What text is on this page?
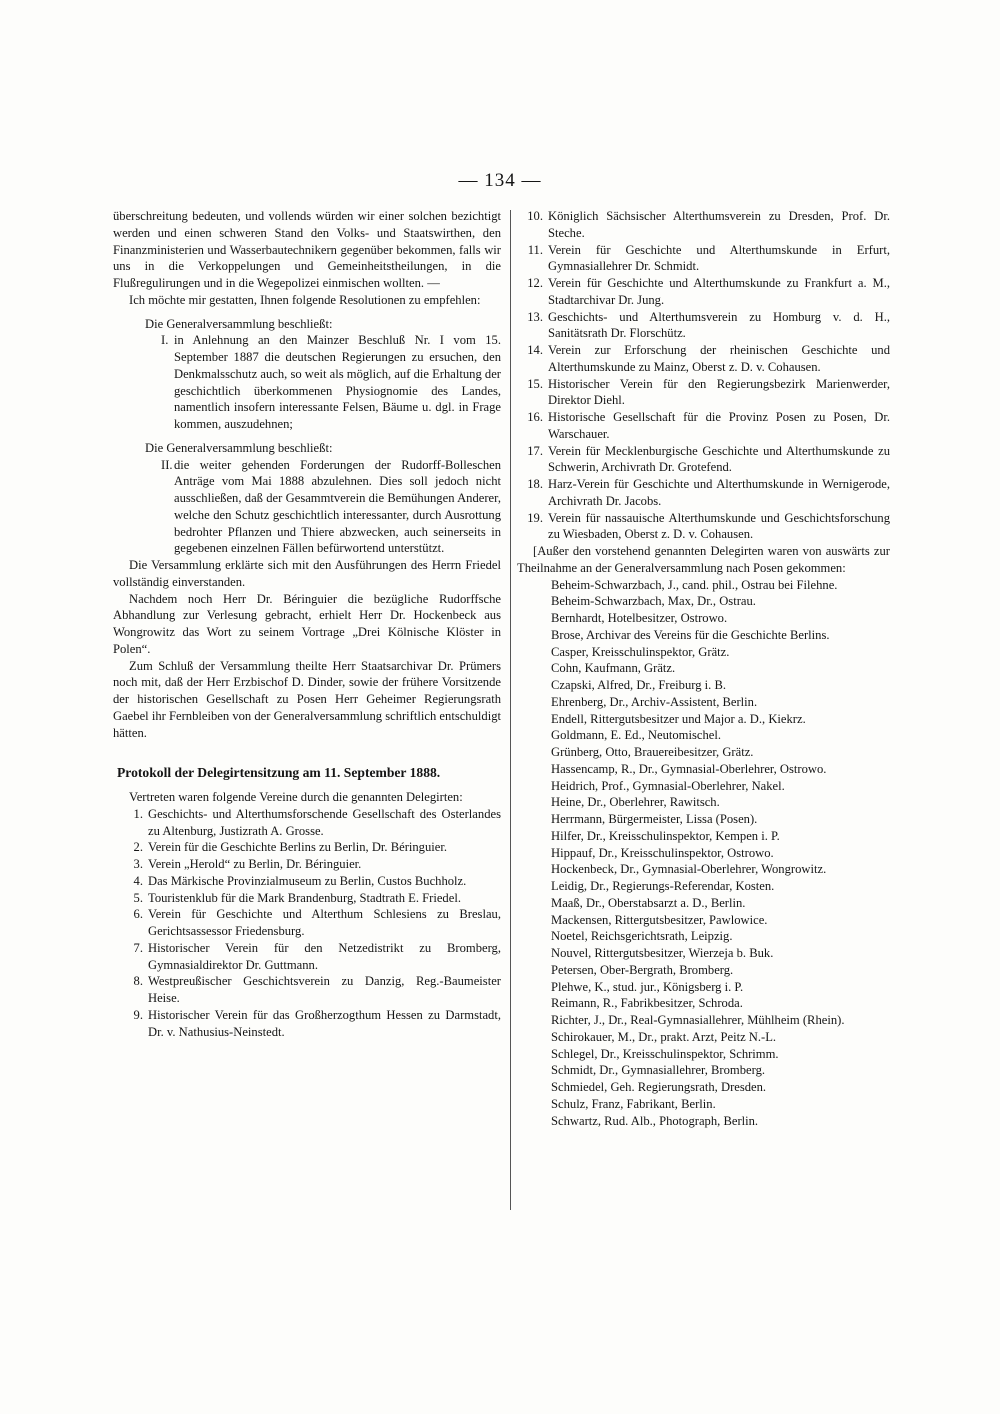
— 134 —

überschreitung bedeuten, und vollends würden wir einer solchen bezichtigt werden und einen schweren Stand den Volks- und Staatswirthen, den Finanzministerien und Wasserbautechnikern gegenüber bekommen, falls wir uns in die Verkoppelungen und Gemeinheitstheilungen, in die Flußregulirungen und in die Wegepolizei einmischen wollten. —

Ich möchte mir gestatten, Ihnen folgende Resolutionen zu empfehlen:

Die Generalversammlung beschließt:

I. in Anlehnung an den Mainzer Beschluß Nr. I vom 15. September 1887 die deutschen Regierungen zu ersuchen, den Denkmalsschutz auch, so weit als möglich, auf die Erhaltung der geschichtlich überkommenen Physiognomie des Landes, namentlich insofern interessante Felsen, Bäume u. dgl. in Frage kommen, auszudehnen;

Die Generalversammlung beschließt:

II. die weiter gehenden Forderungen der Rudorff-Bolleschen Anträge vom Mai 1888 abzulehnen. Dies soll jedoch nicht ausschließen, daß der Gesammtverein die Bemühungen Anderer, welche den Schutz geschichtlich interessanter, durch Ausrottung bedrohter Pflanzen und Thiere abzwecken, auch seinerseits in gegebenen einzelnen Fällen befürwortend unterstützt.

Die Versammlung erklärte sich mit den Ausführungen des Herrn Friedel vollständig einverstanden.

Nachdem noch Herr Dr. Béringuier die bezügliche Rudorffsche Abhandlung zur Verlesung gebracht, erhielt Herr Dr. Hockenbeck aus Wongrowitz das Wort zu seinem Vortrage „Drei Kölnische Klöster in Polen“.

Zum Schluß der Versammlung theilte Herr Staatsarchivar Dr. Prümers noch mit, daß der Herr Erzbischof D. Dinder, sowie der frühere Vorsitzende der historischen Gesellschaft zu Posen Herr Geheimer Regierungsrath Gaebel ihr Fernbleiben von der Generalversammlung schriftlich entschuldigt hätten.

Protokoll der Delegirtensitzung am 11. September 1888.

Vertreten waren folgende Vereine durch die genannten Delegirten:

1. Geschichts- und Alterthumsforschende Gesellschaft des Osterlandes zu Altenburg, Justizrath A. Grosse.
2. Verein für die Geschichte Berlins zu Berlin, Dr. Béringuier.
3. Verein „Herold“ zu Berlin, Dr. Béringuier.
4. Das Märkische Provinzialmuseum zu Berlin, Custos Buchholz.
5. Touristenklub für die Mark Brandenburg, Stadtrath E. Friedel.
6. Verein für Geschichte und Alterthum Schlesiens zu Breslau, Gerichtsassessor Friedensburg.
7. Historischer Verein für den Netzedistrikt zu Bromberg, Gymnasialdirektor Dr. Guttmann.
8. Westpreußischer Geschichtsverein zu Danzig, Reg.-Baumeister Heise.
9. Historischer Verein für das Großherzogthum Hessen zu Darmstadt, Dr. v. Nathusius-Neinstedt.
10. Königlich Sächsischer Alterthumsverein zu Dresden, Prof. Dr. Steche.
11. Verein für Geschichte und Alterthumskunde in Erfurt, Gymnasiallehrer Dr. Schmidt.
12. Verein für Geschichte und Alterthumskunde zu Frankfurt a. M., Stadtarchivar Dr. Jung.
13. Geschichts- und Alterthumsverein zu Homburg v. d. H., Sanitätsrath Dr. Florschütz.
14. Verein zur Erforschung der rheinischen Geschichte und Alterthumskunde zu Mainz, Oberst z. D. v. Cohausen.
15. Historischer Verein für den Regierungsbezirk Marienwerder, Direktor Diehl.
16. Historische Gesellschaft für die Provinz Posen zu Posen, Dr. Warschauer.
17. Verein für Mecklenburgische Geschichte und Alterthumskunde zu Schwerin, Archivrath Dr. Grotefend.
18. Harz-Verein für Geschichte und Alterthumskunde in Wernigerode, Archivrath Dr. Jacobs.
19. Verein für nassauische Alterthumskunde und Geschichtsforschung zu Wiesbaden, Oberst z. D. v. Cohausen.

[Außer den vorstehend genannten Delegirten waren von auswärts zur Theilnahme an der Generalversammlung nach Posen gekommen:

Beheim-Schwarzbach, J., cand. phil., Ostrau bei Filehne.

Beheim-Schwarzbach, Max, Dr., Ostrau.

Bernhardt, Hotelbesitzer, Ostrowo.

Brose, Archivar des Vereins für die Geschichte Berlins.

Casper, Kreisschulinspektor, Grätz.

Cohn, Kaufmann, Grätz.

Czapski, Alfred, Dr., Freiburg i. B.

Ehrenberg, Dr., Archiv-Assistent, Berlin.

Endell, Rittergutsbesitzer und Major a. D., Kiekrz.

Goldmann, E. Ed., Neutomischel.

Grünberg, Otto, Brauereibesitzer, Grätz.

Hassencamp, R., Dr., Gymnasial-Oberlehrer, Ostrowo.

Heidrich, Prof., Gymnasial-Oberlehrer, Nakel.

Heine, Dr., Oberlehrer, Rawitsch.

Herrmann, Bürgermeister, Lissa (Posen).

Hilfer, Dr., Kreisschulinspektor, Kempen i. P.

Hippauf, Dr., Kreisschulinspektor, Ostrowo.

Hockenbeck, Dr., Gymnasial-Oberlehrer, Wongrowitz.

Leidig, Dr., Regierungs-Referendar, Kosten.

Maaß, Dr., Oberstabsarzt a. D., Berlin.

Mackensen, Rittergutsbesitzer, Pawlowice.

Noetel, Reichsgerichtsrath, Leipzig.

Nouvel, Rittergutsbesitzer, Wierzeja b. Buk.

Petersen, Ober-Bergrath, Bromberg.

Plehwe, K., stud. jur., Königsberg i. P.

Reimann, R., Fabrikbesitzer, Schroda.

Richter, J., Dr., Real-Gymnasiallehrer, Mühlheim (Rhein).

Schirokauer, M., Dr., prakt. Arzt, Peitz N.-L.

Schlegel, Dr., Kreisschulinspektor, Schrimm.

Schmidt, Dr., Gymnasiallehrer, Bromberg.

Schmiedel, Geh. Regierungsrath, Dresden.

Schulz, Franz, Fabrikant, Berlin.

Schwartz, Rud. Alb., Photograph, Berlin.
